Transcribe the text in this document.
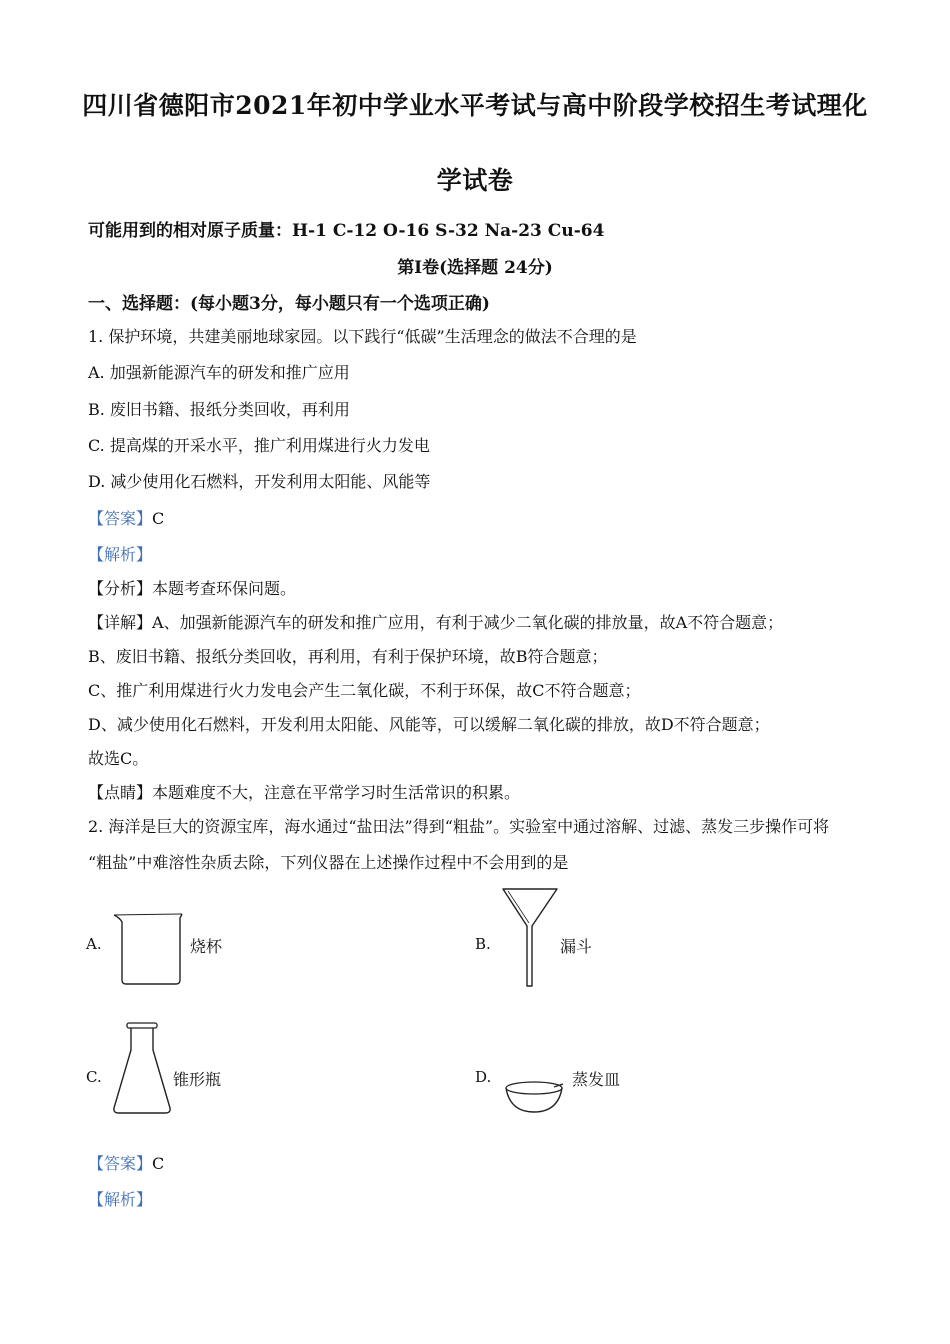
四川省德阳市2021年初中学业水平考试与高中阶段学校招生考试理化
学试卷
可能用到的相对原子质量：H-1 C-12 O-16 S-32 Na-23 Cu-64
第Ⅰ卷(选择题 24分)
一、选择题：(每小题3分，每小题只有一个选项正确)
1. 保护环境，共建美丽地球家园。以下践行“低碳”生活理念的做法不合理的是
A. 加强新能源汽车的研发和推广应用
B. 废旧书籍、报纸分类回收，再利用
C. 提高煤的开采水平，推广利用煤进行火力发电
D. 减少使用化石燃料，开发利用太阳能、风能等
【答案】C
【解析】
【分析】本题考查环保问题。
【详解】A、加强新能源汽车的研发和推广应用，有利于减少二氧化碳的排放量，故A不符合题意；
B、废旧书籍、报纸分类回收，再利用，有利于保护环境，故B符合题意；
C、推广利用煤进行火力发电会产生二氧化碳，不利于环保，故C不符合题意；
D、减少使用化石燃料，开发利用太阳能、风能等，可以缓解二氧化碳的排放，故D不符合题意；
故选C。
【点睛】本题难度不大，注意在平常学习时生活常识的积累。
2. 海洋是巨大的资源宝库，海水通过“盐田法”得到“粗盐”。实验室中通过溶解、过滤、蒸发三步操作可将
“粗盐”中难溶性杂质去除，下列仪器在上述操作过程中不会用到的是
A.	烧杯	B.	漏斗
C.	锥形瓶	D.	蒸发皿
【答案】C
【解析】
